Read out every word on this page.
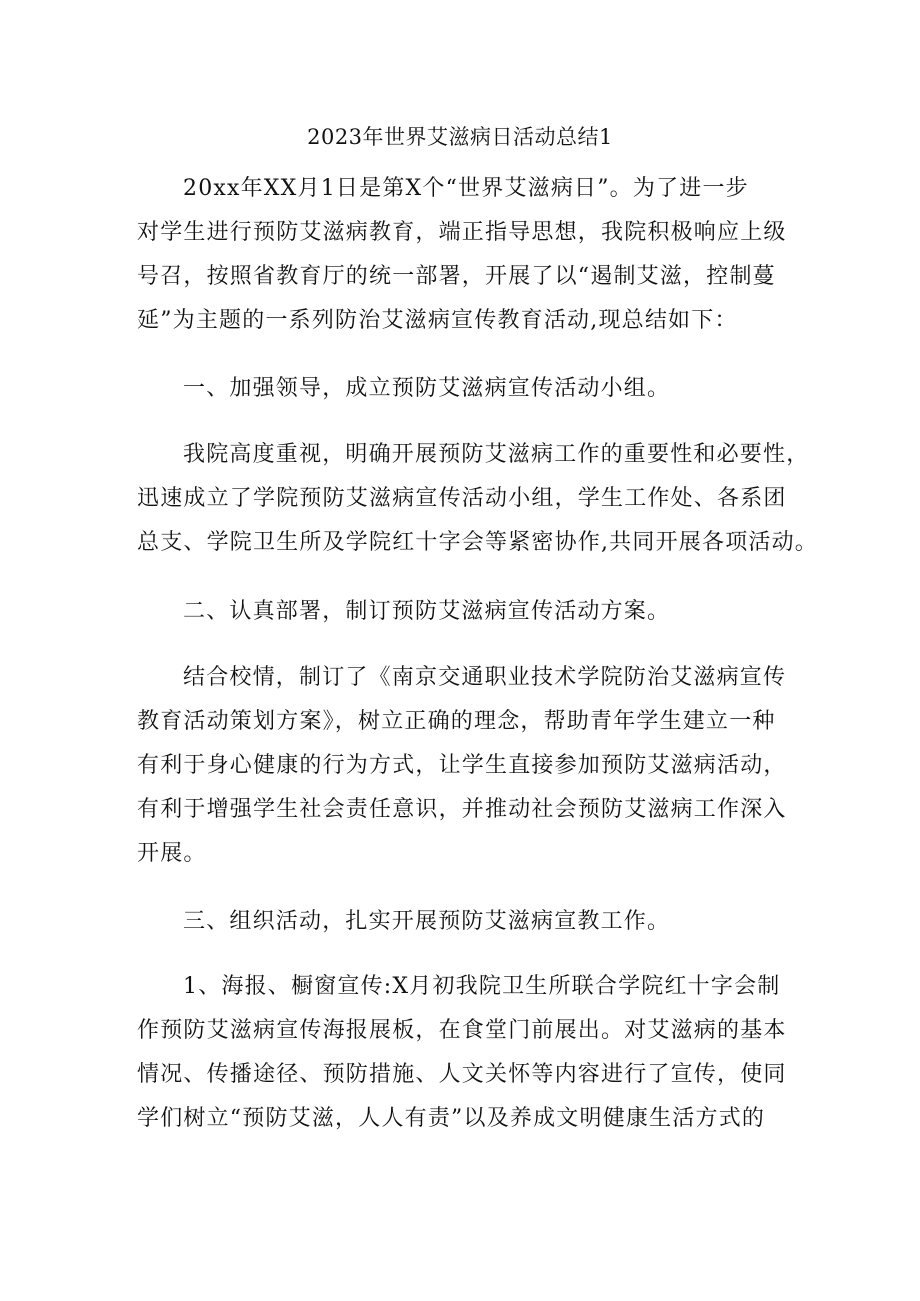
2023年世界艾滋病日活动总结1
20xx年XX月1日是第X个“世界艾滋病日”。为了进一步
对学生进行预防艾滋病教育，端正指导思想，我院积极响应上级
号召，按照省教育厅的统一部署，开展了以“遏制艾滋，控制蔓
延”为主题的一系列防治艾滋病宣传教育活动,现总结如下：
一、加强领导，成立预防艾滋病宣传活动小组。
我院高度重视，明确开展预防艾滋病工作的重要性和必要性，
迅速成立了学院预防艾滋病宣传活动小组，学生工作处、各系团
总支、学院卫生所及学院红十字会等紧密协作,共同开展各项活动。
二、认真部署，制订预防艾滋病宣传活动方案。
结合校情，制订了《南京交通职业技术学院防治艾滋病宣传
教育活动策划方案》，树立正确的理念，帮助青年学生建立一种
有利于身心健康的行为方式，让学生直接参加预防艾滋病活动，
有利于增强学生社会责任意识，并推动社会预防艾滋病工作深入
开展。
三、组织活动，扎实开展预防艾滋病宣教工作。
1、海报、橱窗宣传:X月初我院卫生所联合学院红十字会制
作预防艾滋病宣传海报展板，在食堂门前展出。对艾滋病的基本
情况、传播途径、预防措施、人文关怀等内容进行了宣传，使同
学们树立“预防艾滋，人人有责”以及养成文明健康生活方式的
